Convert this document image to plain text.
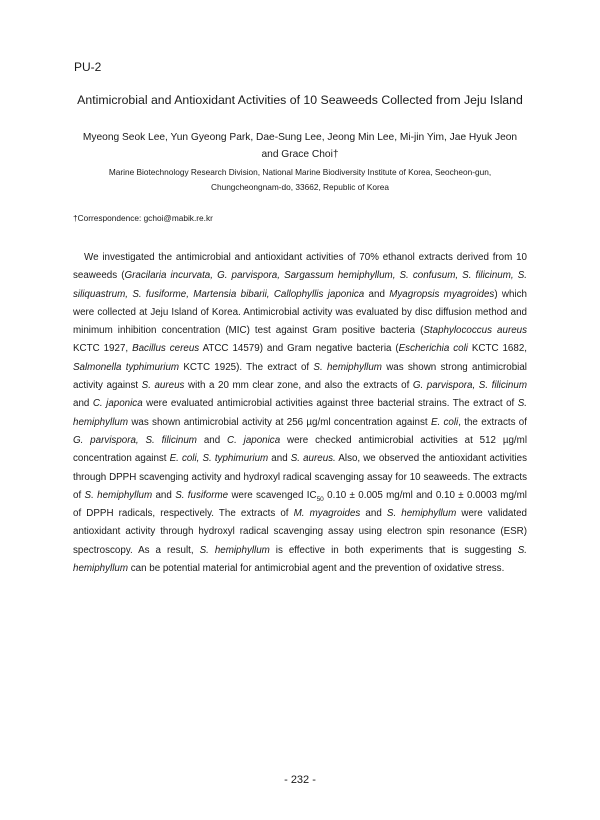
PU-2
Antimicrobial and Antioxidant Activities of 10 Seaweeds Collected from Jeju Island
Myeong Seok Lee, Yun Gyeong Park, Dae-Sung Lee, Jeong Min Lee, Mi-jin Yim, Jae Hyuk Jeon
and Grace Choi†
Marine Biotechnology Research Division, National Marine Biodiversity Institute of Korea, Seocheon-gun,
Chungcheongnam-do, 33662, Republic of Korea
†Correspondence: gchoi@mabik.re.kr
We investigated the antimicrobial and antioxidant activities of 70% ethanol extracts derived from 10 seaweeds (Gracilaria incurvata, G. parvispora, Sargassum hemiphyllum, S. confusum, S. filicinum, S. siliquastrum, S. fusiforme, Martensia bibarii, Callophyllis japonica and Myagropsis myagroides) which were collected at Jeju Island of Korea. Antimicrobial activity was evaluated by disc diffusion method and minimum inhibition concentration (MIC) test against Gram positive bacteria (Staphylococcus aureus KCTC 1927, Bacillus cereus ATCC 14579) and Gram negative bacteria (Escherichia coli KCTC 1682, Salmonella typhimurium KCTC 1925). The extract of S. hemiphyllum was shown strong antimicrobial activity against S. aureus with a 20 mm clear zone, and also the extracts of G. parvispora, S. filicinum and C. japonica were evaluated antimicrobial activities against three bacterial strains. The extract of S. hemiphyllum was shown antimicrobial activity at 256 µg/ml concentration against E. coli, the extracts of G. parvispora, S. filicinum and C. japonica were checked antimicrobial activities at 512 µg/ml concentration against E. coli, S. typhimurium and S. aureus. Also, we observed the antioxidant activities through DPPH scavenging activity and hydroxyl radical scavenging assay for 10 seaweeds. The extracts of S. hemiphyllum and S. fusiforme were scavenged $IC_{50}$ 0.10 ± 0.005 mg/ml and 0.10 ± 0.0003 mg/ml of DPPH radicals, respectively. The extracts of M. myagroides and S. hemiphyllum were validated antioxidant activity through hydroxyl radical scavenging assay using electron spin resonance (ESR) spectroscopy. As a result, S. hemiphyllum is effective in both experiments that is suggesting S. hemiphyllum can be potential material for antimicrobial agent and the prevention of oxidative stress.
- 232 -
